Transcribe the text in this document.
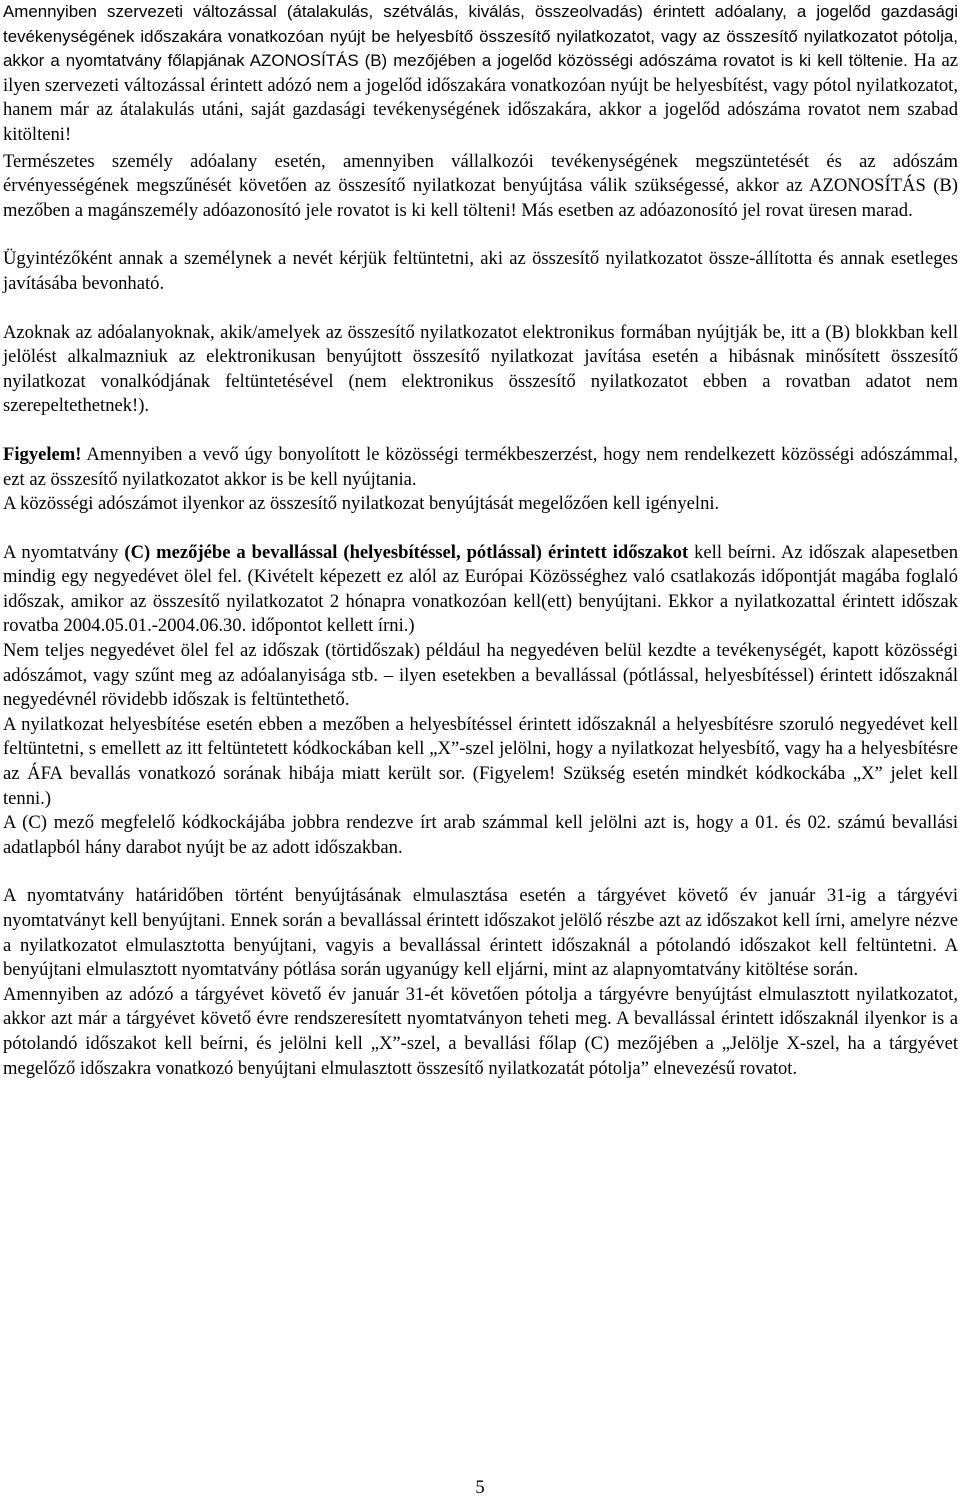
Amennyiben szervezeti változással (átalakulás, szétválás, kiválás, összeolvadás) érintett adóalany, a jogelőd gazdasági tevékenységének időszakára vonatkozóan nyújt be helyesbítő összesítő nyilatkozatot, vagy az összesítő nyilatkozatot pótolja, akkor a nyomtatvány főlapjának AZONOSÍTÁS (B) mezőjében a jogelőd közösségi adószáma rovatot is ki kell töltenie. Ha az ilyen szervezeti változással érintett adózó nem a jogelőd időszakára vonatkozóan nyújt be helyesbítést, vagy pótol nyilatkozatot, hanem már az átalakulás utáni, saját gazdasági tevékenységének időszakára, akkor a jogelőd adószáma rovatot nem szabad kitölteni!

Természetes személy adóalany esetén, amennyiben vállalkozói tevékenységének megszüntetését és az adószám érvényességének megszűnését követően az összesítő nyilatkozat benyújtása válik szükségessé, akkor az AZONOSÍTÁS (B) mezőben a magánszemély adóazonosító jele rovatot is ki kell tölteni! Más esetben az adóazonosító jel rovat üresen marad.

Ügyintézőként annak a személynek a nevét kérjük feltüntetni, aki az összesítő nyilatkozatot össze-állította és annak esetleges javításába bevonható.

Azoknak az adóalanyoknak, akik/amelyek az összesítő nyilatkozatot elektronikus formában nyújtják be, itt a (B) blokkban kell jelölést alkalmazniuk az elektronikusan benyújtott összesítő nyilatkozat javítása esetén a hibásnak minősített összesítő nyilatkozat vonalkódjának feltüntetésével (nem elektronikus összesítő nyilatkozatot ebben a rovatban adatot nem szerepeltethetnek!).

Figyelem! Amennyiben a vevő úgy bonyolított le közösségi termékbeszerzést, hogy nem rendelkezett közösségi adószámmal, ezt az összesítő nyilatkozatot akkor is be kell nyújtania.

A közösségi adószámot ilyenkor az összesítő nyilatkozat benyújtását megelőzően kell igényelni.

A nyomtatvány (C) mezőjébe a bevallással (helyesbítéssel, pótlással) érintett időszakot kell beírni. Az időszak alapesetben mindig egy negyedévet ölel fel. (Kivételt képezett ez alól az Európai Közösséghez való csatlakozás időpontját magába foglaló időszak, amikor az összesítő nyilatkozatot 2 hónapra vonatkozóan kell(ett) benyújtani. Ekkor a nyilatkozattal érintett időszak rovatba 2004.05.01.-2004.06.30. időpontot kellett írni.)

Nem teljes negyedévet ölel fel az időszak (törtidőszak) például ha negyedéven belül kezdte a tevékenységét, kapott közösségi adószámot, vagy szűnt meg az adóalanyisága stb. – ilyen esetekben a bevallással (pótlással, helyesbítéssel) érintett időszaknál negyedévnél rövidebb időszak is feltüntethető.

A nyilatkozat helyesbítése esetén ebben a mezőben a helyesbítéssel érintett időszaknál a helyesbítésre szoruló negyedévet kell feltüntetni, s emellett az itt feltüntetett kódkockában kell „X”-szel jelölni, hogy a nyilatkozat helyesbítő, vagy ha a helyesbítésre az ÁFA bevallás vonatkozó sorának hibája miatt került sor. (Figyelem! Szükség esetén mindkét kódkockába „X” jelet kell tenni.)

A (C) mező megfelelő kódkockájába jobbra rendezve írt arab számmal kell jelölni azt is, hogy a 01. és 02. számú bevallási adatlapból hány darabot nyújt be az adott időszakban.

A nyomtatvány határidőben történt benyújtásának elmulasztása esetén a tárgyévet követő év január 31-ig a tárgyévi nyomtatványt kell benyújtani. Ennek során a bevallással érintett időszakot jelölő részbe azt az időszakot kell írni, amelyre nézve a nyilatkozatot elmulasztotta benyújtani, vagyis a bevallással érintett időszaknál a pótolandó időszakot kell feltüntetni. A benyújtani elmulasztott nyomtatvány pótlása során ugyanúgy kell eljárni, mint az alapnyomtatvány kitöltése során.

Amennyiben az adózó a tárgyévet követő év január 31-ét követően pótolja a tárgyévre benyújtást elmulasztott nyilatkozatot, akkor azt már a tárgyévet követő évre rendszeresített nyomtatványon teheti meg. A bevallással érintett időszaknál ilyenkor is a pótolandó időszakot kell beírni, és jelölni kell „X”-szel, a bevallási főlap (C) mezőjében a „Jelölje X-szel, ha a tárgyévet megelőző időszakra vonatkozó benyújtani elmulasztott összesítő nyilatkozatát pótolja” elnevezésű rovatot.

5
